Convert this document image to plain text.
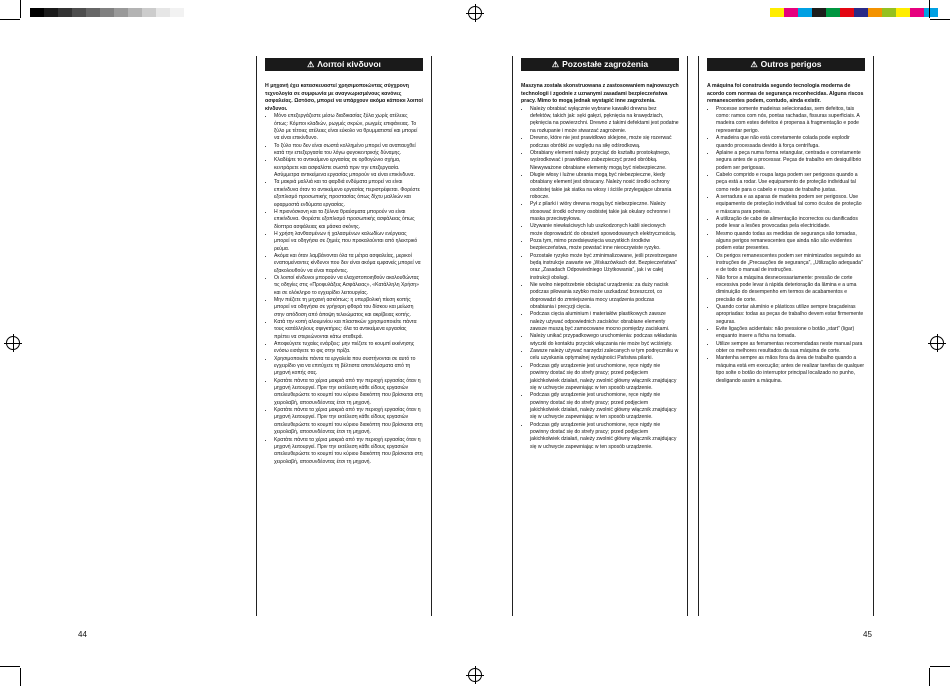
⚠ Λοιποί κίνδυνοι
Η μηχανή έχει κατασκευαστεί χρησιμοποιώντας σύγχρονη τεχνολογία σε συμφωνία με αναγνωρισμένους κανόνες ασφαλείας. Ωστόσο, μπορεί να υπάρχουν ακόμα κάποιοι λοιποί κίνδυνοι.
• Μόνο επεξεργάζεστε μέσω διαδικασίας ξύλα χωρίς ατέλειες όπως: Κόμποι κλαδιών, ρωγμές σκρών, ρωγμές επιφάνειας. Το ξύλο με τέτοιες ατέλειες είναι εύκολο να θρυμματιστεί και μπορεί να είναι επικίνδυνο.
• Το ξύλο που δεν είναι σωστά κολλημένο μπορεί να αναπαυχθεί κατά την επεξεργασία του λόγω φυγοκεντρικής δύναμης.
• Κλαδέψτε το αντικείμενο εργασίας σε ορθογώνιο σχήμα, κεντράρετε και ασφαλίστε σωστά πριν την επεξεργασία. Ασύμμετρα αντικείμενα εργασίας μπορούν να είναι επικίνδυνα.
• Τα μακριά μαλλιά και τα φαρδιά ενδύματα μπορεί να είναι επικίνδυνα όταν το αντικείμενο εργασίας περιστρέφεται. Φορέστε εξοπλισμό προσωπικής προστασίας όπως δίχτυ μαλλιών και εφαρμοστά ενδύματα εργασίας.
• Η πριονόσκονη και τα ξύλινα θραύσματα μπορούν να είναι επικίνδυνα. Φορέστε εξοπλισμό προσωπικής ασφάλειας όπως δίοπτρα ασφάλειας και μάσκα σκόνης.
• Η χρήση λανθασμένων ή χαλασμένων καλωδίων ενέργειας μπορεί να οδηγήσει σε ζημιές που προκαλούνται από ηλεκτρικό ρεύμα.
• Ακόμα και όταν λαμβάνονται όλα τα μέτρα ασφαλείας, μερικοί εναπομείναντες κίνδυνοι που δεν είναι ακόμα εμφανείς μπορεί να εξακολουθούν να είναι παρόντες.
• Οι λοιποί κίνδυνοι μπορούν να ελαχιστοποιηθούν ακολουθώντας τις οδηγίες στις «Προφυλάξεις Ασφάλειας», «Κατάλληλη Χρήση» και σε ολόκληρο το εγχειρίδιο λειτουργίας.
• Μην πιέζετε τη μηχανή ασκόπως: η υπερβολική πίεση κοπής μπορεί να οδηγήσει σε γρήγορη φθορά του δίσκου και μείωση στην απόδοση από άποψη τελειώματος και ακρίβειας κοπής.
• Κατά την κοπή αλουμινίου και πλαστικών χρησιμοποιείτε πάντα τους κατάλληλους σφιγκτήρες: όλα τα αντικείμενα εργασίας πρέπει να στερεώνονται κάτω σταθερά.
• Αποφεύγετε τυχαίες ενάρξεις: μην πιέζετε το κουμπί εκκίνησης ενόσω εισάγετε το φις στην πρίζα.
• Χρησιμοποιείτε πάντα τα εργαλεία που συστήνονται σε αυτό το εγχειρίδιο για να επιτύχετε τη βέλτιστα αποτελέσματα από τη μηχανή κοπής σας.
• Κρατάτε πάντα τα χέρια μακριά από την περιοχή εργασίας όταν η μηχανή λειτουργεί. Πριν την εκτέλεση κάθε είδους εργασιών απελευθερώστε το κουμπί του κύριου διακόπτη που βρίσκεται στη χειρολαβή, αποσυνδέοντας έτσι τη μηχανή.
• Κρατάτε πάντα τα χέρια μακριά από την περιοχή εργασίας όταν η μηχανή λειτουργεί. Πριν την εκτέλεση κάθε είδους εργασιών απελευθερώστε το κουμπί του κύριου διακόπτη που βρίσκεται στη χειρολαβή, αποσυνδέοντας έτσι τη μηχανή.
• Κρατάτε πάντα τα χέρια μακριά από την περιοχή εργασίας όταν η μηχανή λειτουργεί. Πριν την εκτέλεση κάθε είδους εργασιών απελευθερώστε το κουμπί του κύριου διακόπτη που βρίσκεται στη χειρολαβή, αποσυνδέοντας έτσι τη μηχανή.
⚠ Pozostałe zagrożenia
Maszyna została skonstruowana z zastosowaniem najnowszych technologii i zgodnie z uznanymi zasadami bezpieczeństwa pracy. Mimo to mogą jednak wystąpić inne zagrożenia.
• Należy obrabiać wyłącznie wybrane kawałki drewna bez defektów, takich jak: sęki gałęzi, pęknięcia na krawędziach, pęknięcia na powierzchni. Drewno z takimi defektami jest podatne na rozłupanie i może stwarzać zagrożenie.
• Drewno, które nie jest prawidłowo sklejone, może się rozerwać podczas obróbki ze względu na siłę odśrodkową.
• Obrabiany element należy przyciąć do kształtu prostokątnego, wyśrodkować i prawidłowo zabezpieczyć przed obróbką. Niewyważone obrabiane elementy mogą być niebezpieczne.
• Długie włosy i luźne ubrania mogą być niebezpieczne, kiedy obrabiany element jest obracany. Należy nosić środki ochrony osobistej takie jak siatka na włosy i ściśle przylegające ubrania robocze.
• Pył z pilarki i wióry drewna mogą być niebezpieczne. Należy stosować środki ochrony osobistej takie jak okulary ochronne i maska przeciwpyłowa.
• Używanie niewłaściwych lub uszkodzonych kabli sieciowych może doprowadzić do obrażeń spowodowanych elektrycznością.
• Poza tym, mimo przedsięwzięcia wszystkich środków bezpieczeństwa, może powstać inne nieoczywiste ryzyko.
• Pozostałe ryzyko może być zminimalizowane, jeśli przestrzegane będą instrukcje zawarte we „Wskazówkach dot. Bezpieczeństwa” oraz „Zasadach Odpowiedniego Użytkowania”, jak i w całej instrukcji obsługi.
• Nie wolno niepotrzebnie obciążać urządzenia: za duży nacisk podczas piłowania szybko może uszkadzać brzeszczot, co doprowadzi do zmniejszenia mocy urządzenia podczas obrabiania i precyzji cięcia.
• Podczas cięcia aluminium i materiałów plastikowych zawsze należy używać odpowiednich zacisków: obrabiane elementy zawsze muszą być zamocowane mocno pomiędzy zaciskami.
• Należy unikać przypadkowego uruchomienia: podczas wkładania wtyczki do kontaktu przycisk włączania nie może być wciśnięty.
• Zawsze należy używać narzędzi zalecanych w tym podręczniku w celu uzyskania optymalnej wydajności Państwa pilarki.
• Podczas gdy urządzenie jest uruchomione, ręce nigdy nie powinny dostać się do strefy pracy; przed podjęciem jakichkolwiek działań, należy zwolnić główny włącznik znajdujący się w uchwycie zapewniając w ten sposób urządzenie.
• Podczas gdy urządzenie jest uruchomione, ręce nigdy nie powinny dostać się do strefy pracy; przed podjęciem jakichkolwiek działań, należy zwolnić główny włącznik znajdujący się w uchwycie zapewniając w ten sposób urządzenie.
• Podczas gdy urządzenie jest uruchomione, ręce nigdy nie powinny dostać się do strefy pracy; przed podjęciem jakichkolwiek działań, należy zwolnić główny włącznik znajdujący się w uchwycie zapewniając w ten sposób urządzenie.
⚠ Outros perigos
A máquina foi construída segundo tecnologia moderna de acordo com normas de segurança reconhecidas. Alguns riscos remanescentes podem, contudo, ainda existir.
• Processe somente madeiras selecionadas, sem defeitos, tais como: ramos com nós, pontas rachadas, fissuras superficiais. A madeira com estes defeitos é propensa à fragmentação e pode representar perigo.
• A madeira que não está corretamente colada pode explodir quando processada devido à força centrífuga.
• Aplaine a peça numa forma retangular, centrada e corretamente segura antes de a processar. Peças de trabalho em desiquilíbrio podem ser perigosas.
• Cabelo comprido e roupa larga podem ser perigosos quando a peça está a rodar. Use equipamento de proteção individual tal como rede para o cabelo e roupas de trabalho justas.
• A serradura e as aparas de madeira podem ser perigosos. Use equipamento de proteção individual tal como óculos de proteção e máscara para poeiras.
• A utilização de cabo de alimentação incorrectos ou danificados pode levar a lesões provocadas pela electricidade.
• Mesmo quando todas as medidas de segurança são tomadas, alguns perigos remanescentes que ainda não são evidentes podem estar presentes.
• Os perigos remanescentes podem ser minimizados seguindo as instruções de „Precauções de segurança”, „Utilização adequada” e de todo o manual de instruções.
• Não force a máquina desnecessariamente: pressão de corte excessiva pode levar à rápida deterioração da lâmina e a uma diminuição do desempenho em termos de acabamentos e precisão de corte.
• Quando cortar alumínio e plásticos utilize sempre braçadeiras apropriadas: todas as peças de trabalho devem estar firmemente seguras.
• Evite ligações acidentais: não pressione o botão „start” (ligar) enquanto insere a ficha na tomada.
• Utilize sempre as ferramentas recomendadas neste manual para obter os melhores resultados da sua máquina de corte.
• Mantenha sempre as mãos fora da área de trabalho quando a máquina está em execução; antes de realizar tarefas de qualquer tipo solte o botão do interruptor principal localizado no punho, desligando assim a máquina.
44	45
